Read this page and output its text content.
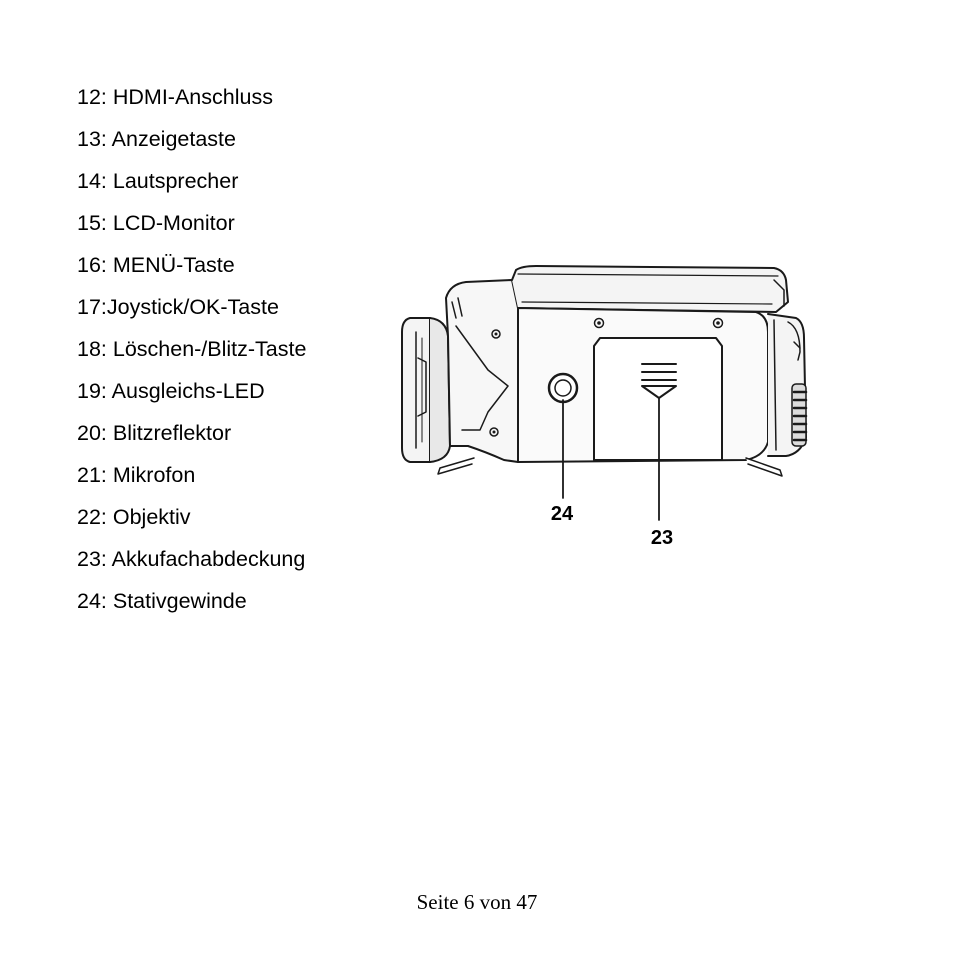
12: HDMI-Anschluss
13: Anzeigetaste
14: Lautsprecher
15: LCD-Monitor
16: MENÜ-Taste
17:Joystick/OK-Taste
18: Löschen-/Blitz-Taste
19: Ausgleichs-LED
20: Blitzreflektor
21: Mikrofon
22: Objektiv
23: Akkufachabdeckung
24: Stativgewinde
24
23
Seite 6 von 47
